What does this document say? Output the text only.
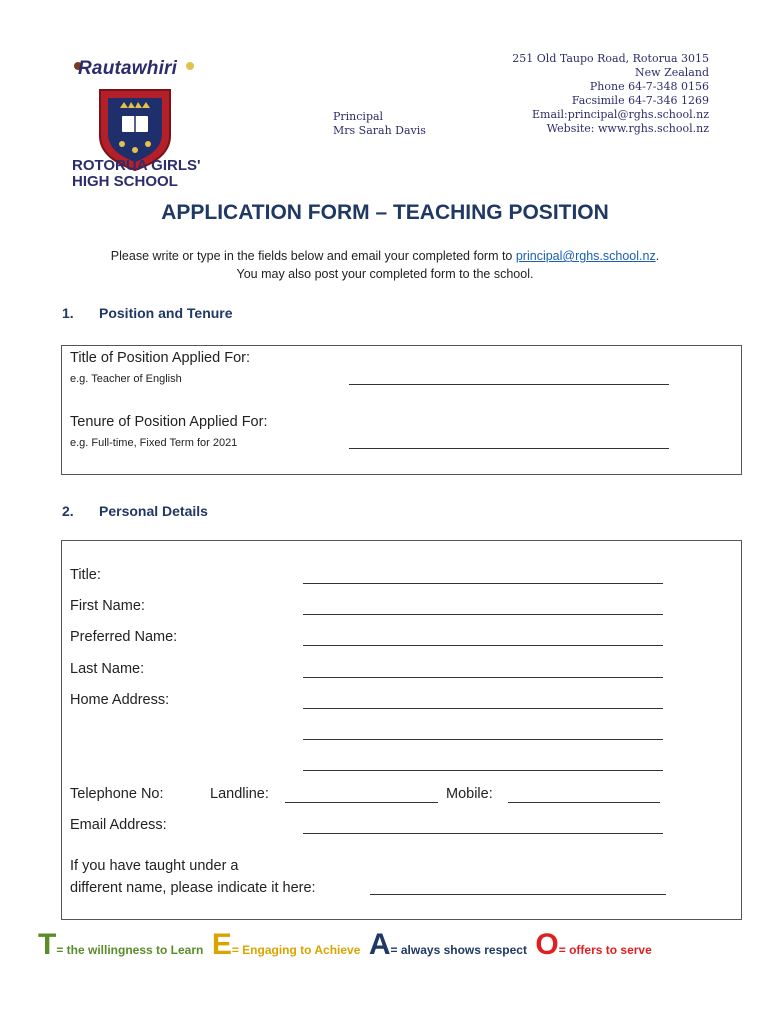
Rautawhiri
ROTORUA GIRLS'
HIGH SCHOOL
Principal
Mrs Sarah Davis
251 Old Taupo Road, Rotorua 3015
New Zealand
Phone 64-7-348 0156
Facsimile 64-7-346 1269
Email:principal@rghs.school.nz
Website: www.rghs.school.nz
APPLICATION FORM – TEACHING POSITION
Please write or type in the fields below and email your completed form to principal@rghs.school.nz.
You may also post your completed form to the school.
1. Position and Tenure
Title of Position Applied For:
e.g. Teacher of English
Tenure of Position Applied For:
e.g. Full-time, Fixed Term for 2021
2. Personal Details
Title:
First Name:
Preferred Name:
Last Name:
Home Address:
Telephone No:	Landline:	Mobile:
Email Address:
If you have taught under a
different name, please indicate it here:
T= the willingness to Learn E= Engaging to Achieve A= always shows respect O= offers to serve
